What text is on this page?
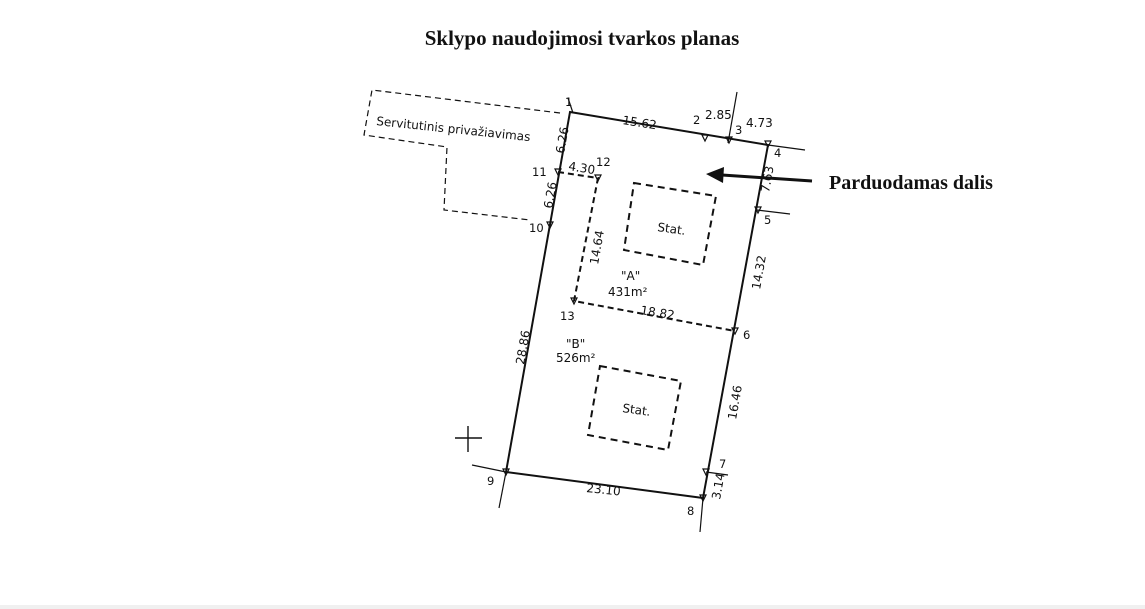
Sklypo naudojimosi tvarkos planas
Servitutinis privažiavimas
Parduodamas dalis
"A"
431m²
"B"
526m²
Stat.
Stat.
1
2
3
4
5
6
7
8
9
10
11
12
13
15.62	2.85
4.73
7.63
14.32
16.46
3.14
23.10
28.86
6.26
6.26
4.30
14.64
18.82
